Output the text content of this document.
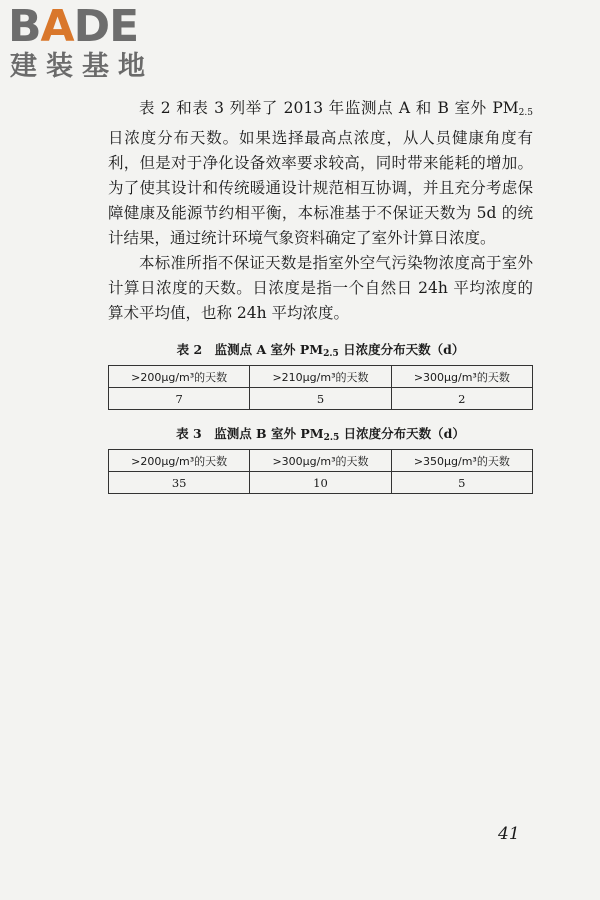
BADE
建装基地

表 2 和表 3 列举了 2013 年监测点 A 和 B 室外 $PM_{2.5}$ 日浓度分布天数。如果选择最高点浓度，从人员健康角度有利，但是对于净化设备效率要求较高，同时带来能耗的增加。为了使其设计和传统暖通设计规范相互协调，并且充分考虑保障健康及能源节约相平衡，本标准基于不保证天数为 5d 的统计结果，通过统计环境气象资料确定了室外计算日浓度。

本标准所指不保证天数是指室外空气污染物浓度高于室外计算日浓度的天数。日浓度是指一个自然日 24h 平均浓度的算术平均值，也称 24h 平均浓度。

表 2　监测点 A 室外 $PM_{2.5}$ 日浓度分布天数（d）
>200μg/m³的天数	>210μg/m³的天数	>300μg/m³的天数
7	5	2
表 3　监测点 B 室外 $PM_{2.5}$ 日浓度分布天数（d）
>200μg/m³的天数	>300μg/m³的天数	>350μg/m³的天数
35	10	5
41
